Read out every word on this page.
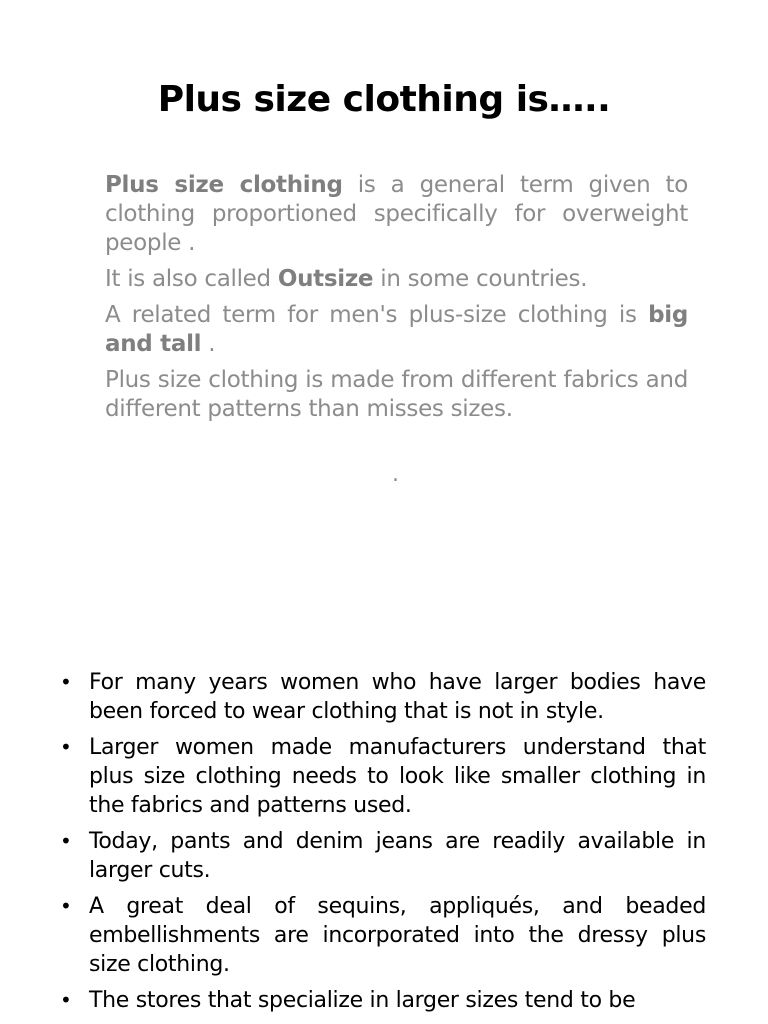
Plus size clothing is…..

Plus size clothing is a general term given to clothing proportioned specifically for overweight people .

It is also called Outsize in some countries.

A related term for men's plus-size clothing is big and tall .

Plus size clothing is made from different fabrics and different patterns than misses sizes.

.
• For many years women who have larger bodies have been forced to wear clothing that is not in style.
• Larger women made manufacturers understand that plus size clothing needs to look like smaller clothing in the fabrics and patterns used.
• Today, pants and denim jeans are readily available in larger cuts.
• A great deal of sequins, appliqués, and beaded embellishments are incorporated into the dressy plus size clothing.
• The stores that specialize in larger sizes tend to be
